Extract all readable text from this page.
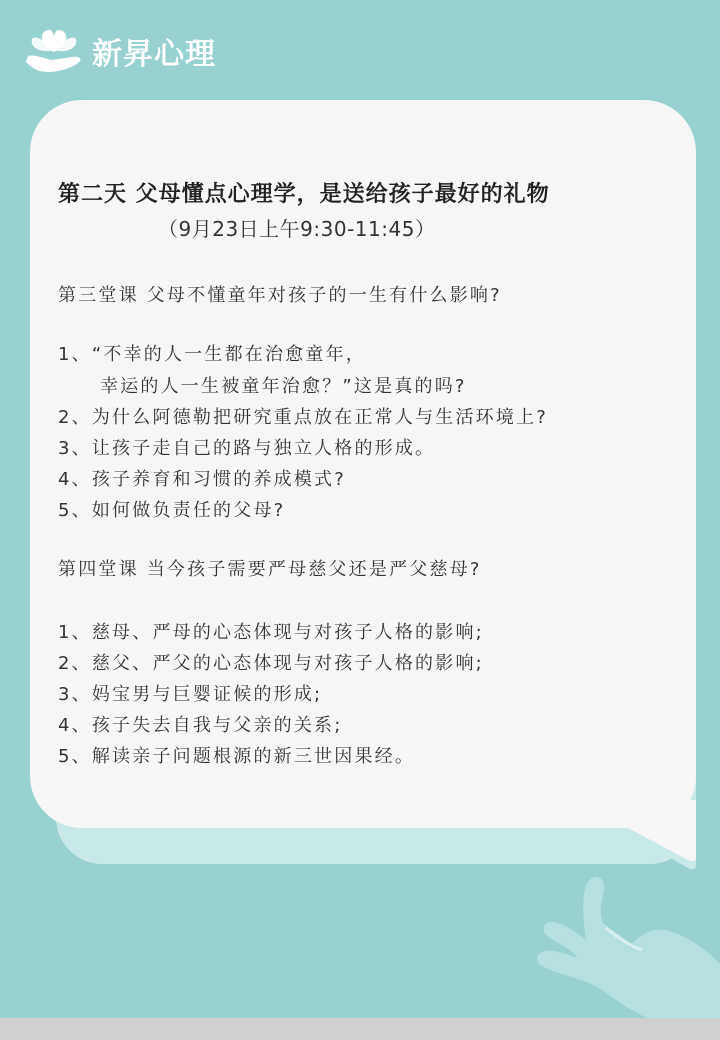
新昇心理
第二天 父母懂点心理学，是送给孩子最好的礼物
（9月23日上午9:30-11:45）
第三堂课 父母不懂童年对孩子的一生有什么影响?
1、“不幸的人一生都在治愈童年，
幸运的人一生被童年治愈？”这是真的吗?
2、为什么阿德勒把研究重点放在正常人与生活环境上?
3、让孩子走自己的路与独立人格的形成。
4、孩子养育和习惯的养成模式?
5、如何做负责任的父母?
第四堂课 当今孩子需要严母慈父还是严父慈母?
1、慈母、严母的心态体现与对孩子人格的影响;
2、慈父、严父的心态体现与对孩子人格的影响;
3、妈宝男与巨婴证候的形成;
4、孩子失去自我与父亲的关系;
5、解读亲子问题根源的新三世因果经。
